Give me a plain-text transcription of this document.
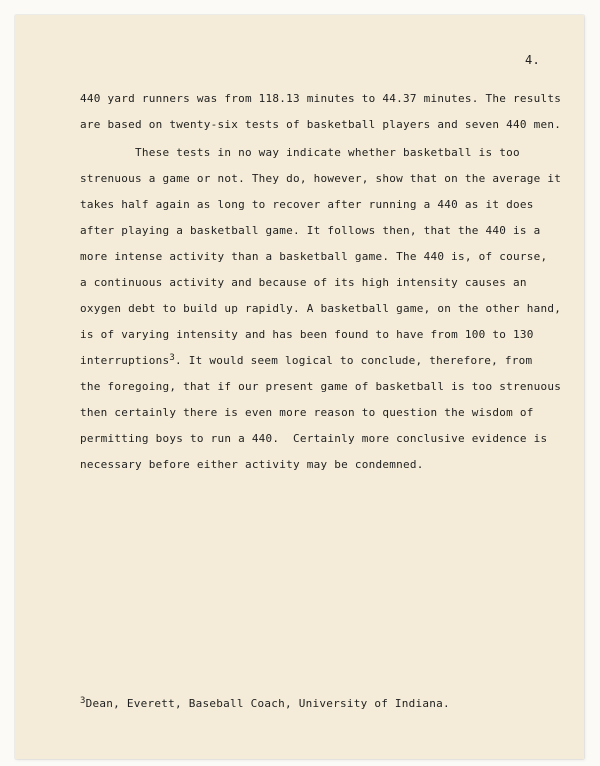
4.
440 yard runners was from 118.13 minutes to 44.37 minutes. The results
are based on twenty-six tests of basketball players and seven 440 men.
These tests in no way indicate whether basketball is too
strenuous a game or not. They do, however, show that on the average it
takes half again as long to recover after running a 440 as it does
after playing a basketball game. It follows then, that the 440 is a
more intense activity than a basketball game. The 440 is, of course,
a continuous activity and because of its high intensity causes an
oxygen debt to build up rapidly. A basketball game, on the other hand,
is of varying intensity and has been found to have from 100 to 130
interruptions$^3$. It would seem logical to conclude, therefore, from
the foregoing, that if our present game of basketball is too strenuous
then certainly there is even more reason to question the wisdom of
permitting boys to run a 440.  Certainly more conclusive evidence is
necessary before either activity may be condemned.
$^3$Dean, Everett, Baseball Coach, University of Indiana.
